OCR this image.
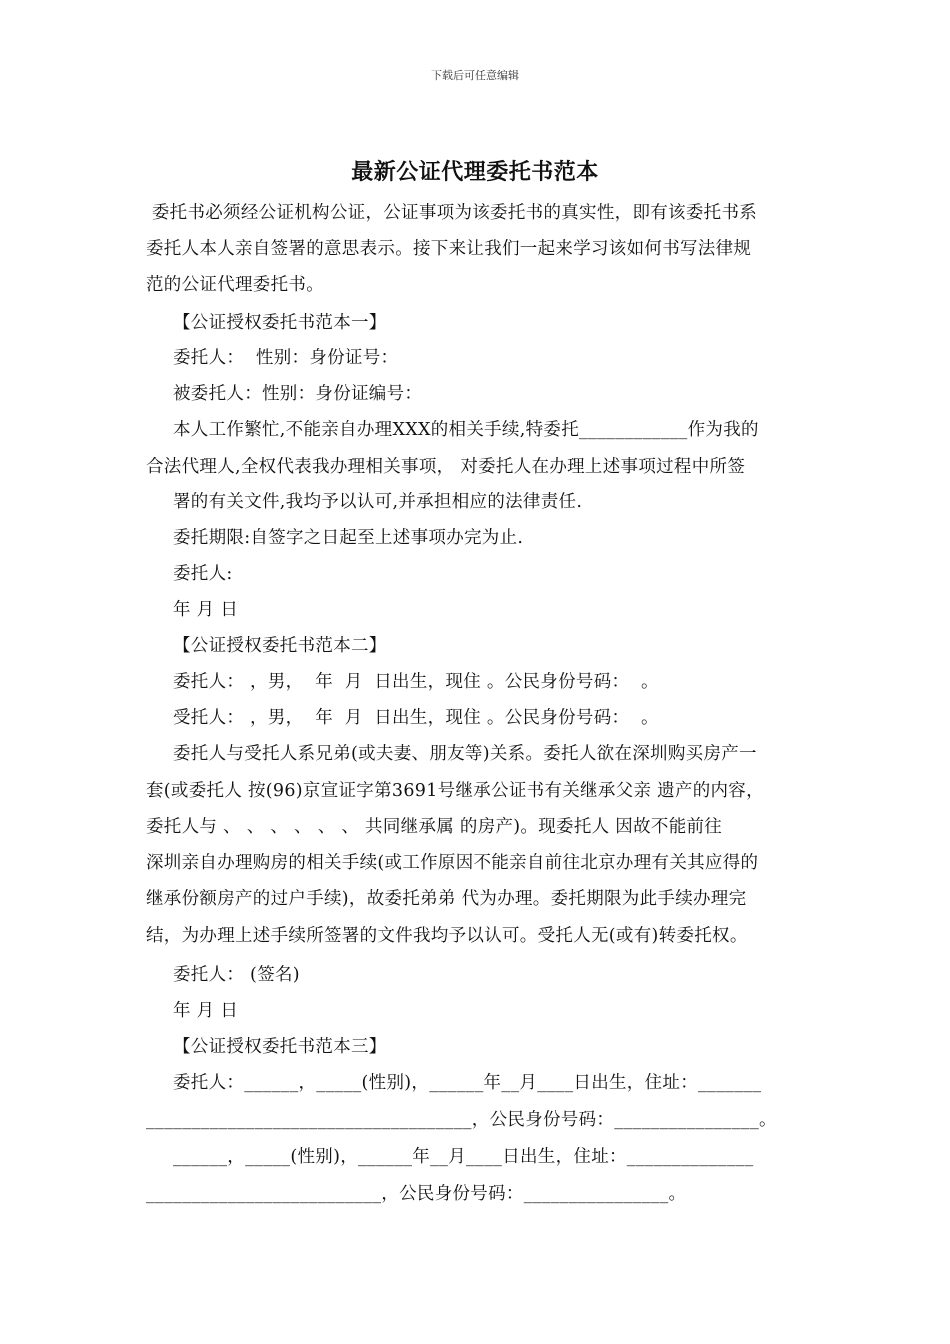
下载后可任意编辑
最新公证代理委托书范本
委托书必须经公证机构公证，公证事项为该委托书的真实性，即有该委托书系
委托人本人亲自签署的意思表示。接下来让我们一起来学习该如何书写法律规
范的公证代理委托书。
【公证授权委托书范本一】
委托人：  性别：身份证号：
被委托人：性别：身份证编号：
本人工作繁忙,不能亲自办理XXX的相关手续,特委托____________作为我的
合法代理人,全权代表我办理相关事项， 对委托人在办理上述事项过程中所签
署的有关文件,我均予以认可,并承担相应的法律责任.
委托期限:自签字之日起至上述事项办完为止.
委托人:
年 月 日
【公证授权委托书范本二】
委托人： ，男，  年  月  日出生，现住 。公民身份号码：  。
受托人： ，男，  年  月  日出生，现住 。公民身份号码：  。
委托人与受托人系兄弟(或夫妻、朋友等)关系。委托人欲在深圳购买房产一
套(或委托人 按(96)京宣证字第3691号继承公证书有关继承父亲 遗产的内容，
委托人与 、 、 、 、 、 、 共同继承属 的房产)。现委托人 因故不能前往
深圳亲自办理购房的相关手续(或工作原因不能亲自前往北京办理有关其应得的
继承份额房产的过户手续)，故委托弟弟 代为办理。委托期限为此手续办理完
结，为办理上述手续所签署的文件我均予以认可。受托人无(或有)转委托权。
委托人： (签名)
年 月 日
【公证授权委托书范本三】
委托人：______，_____(性别)，______年__月____日出生，住址：_______
____________________________________，公民身份号码：________________。
______，_____(性别)，______年__月____日出生，住址：______________
__________________________，公民身份号码：________________。
